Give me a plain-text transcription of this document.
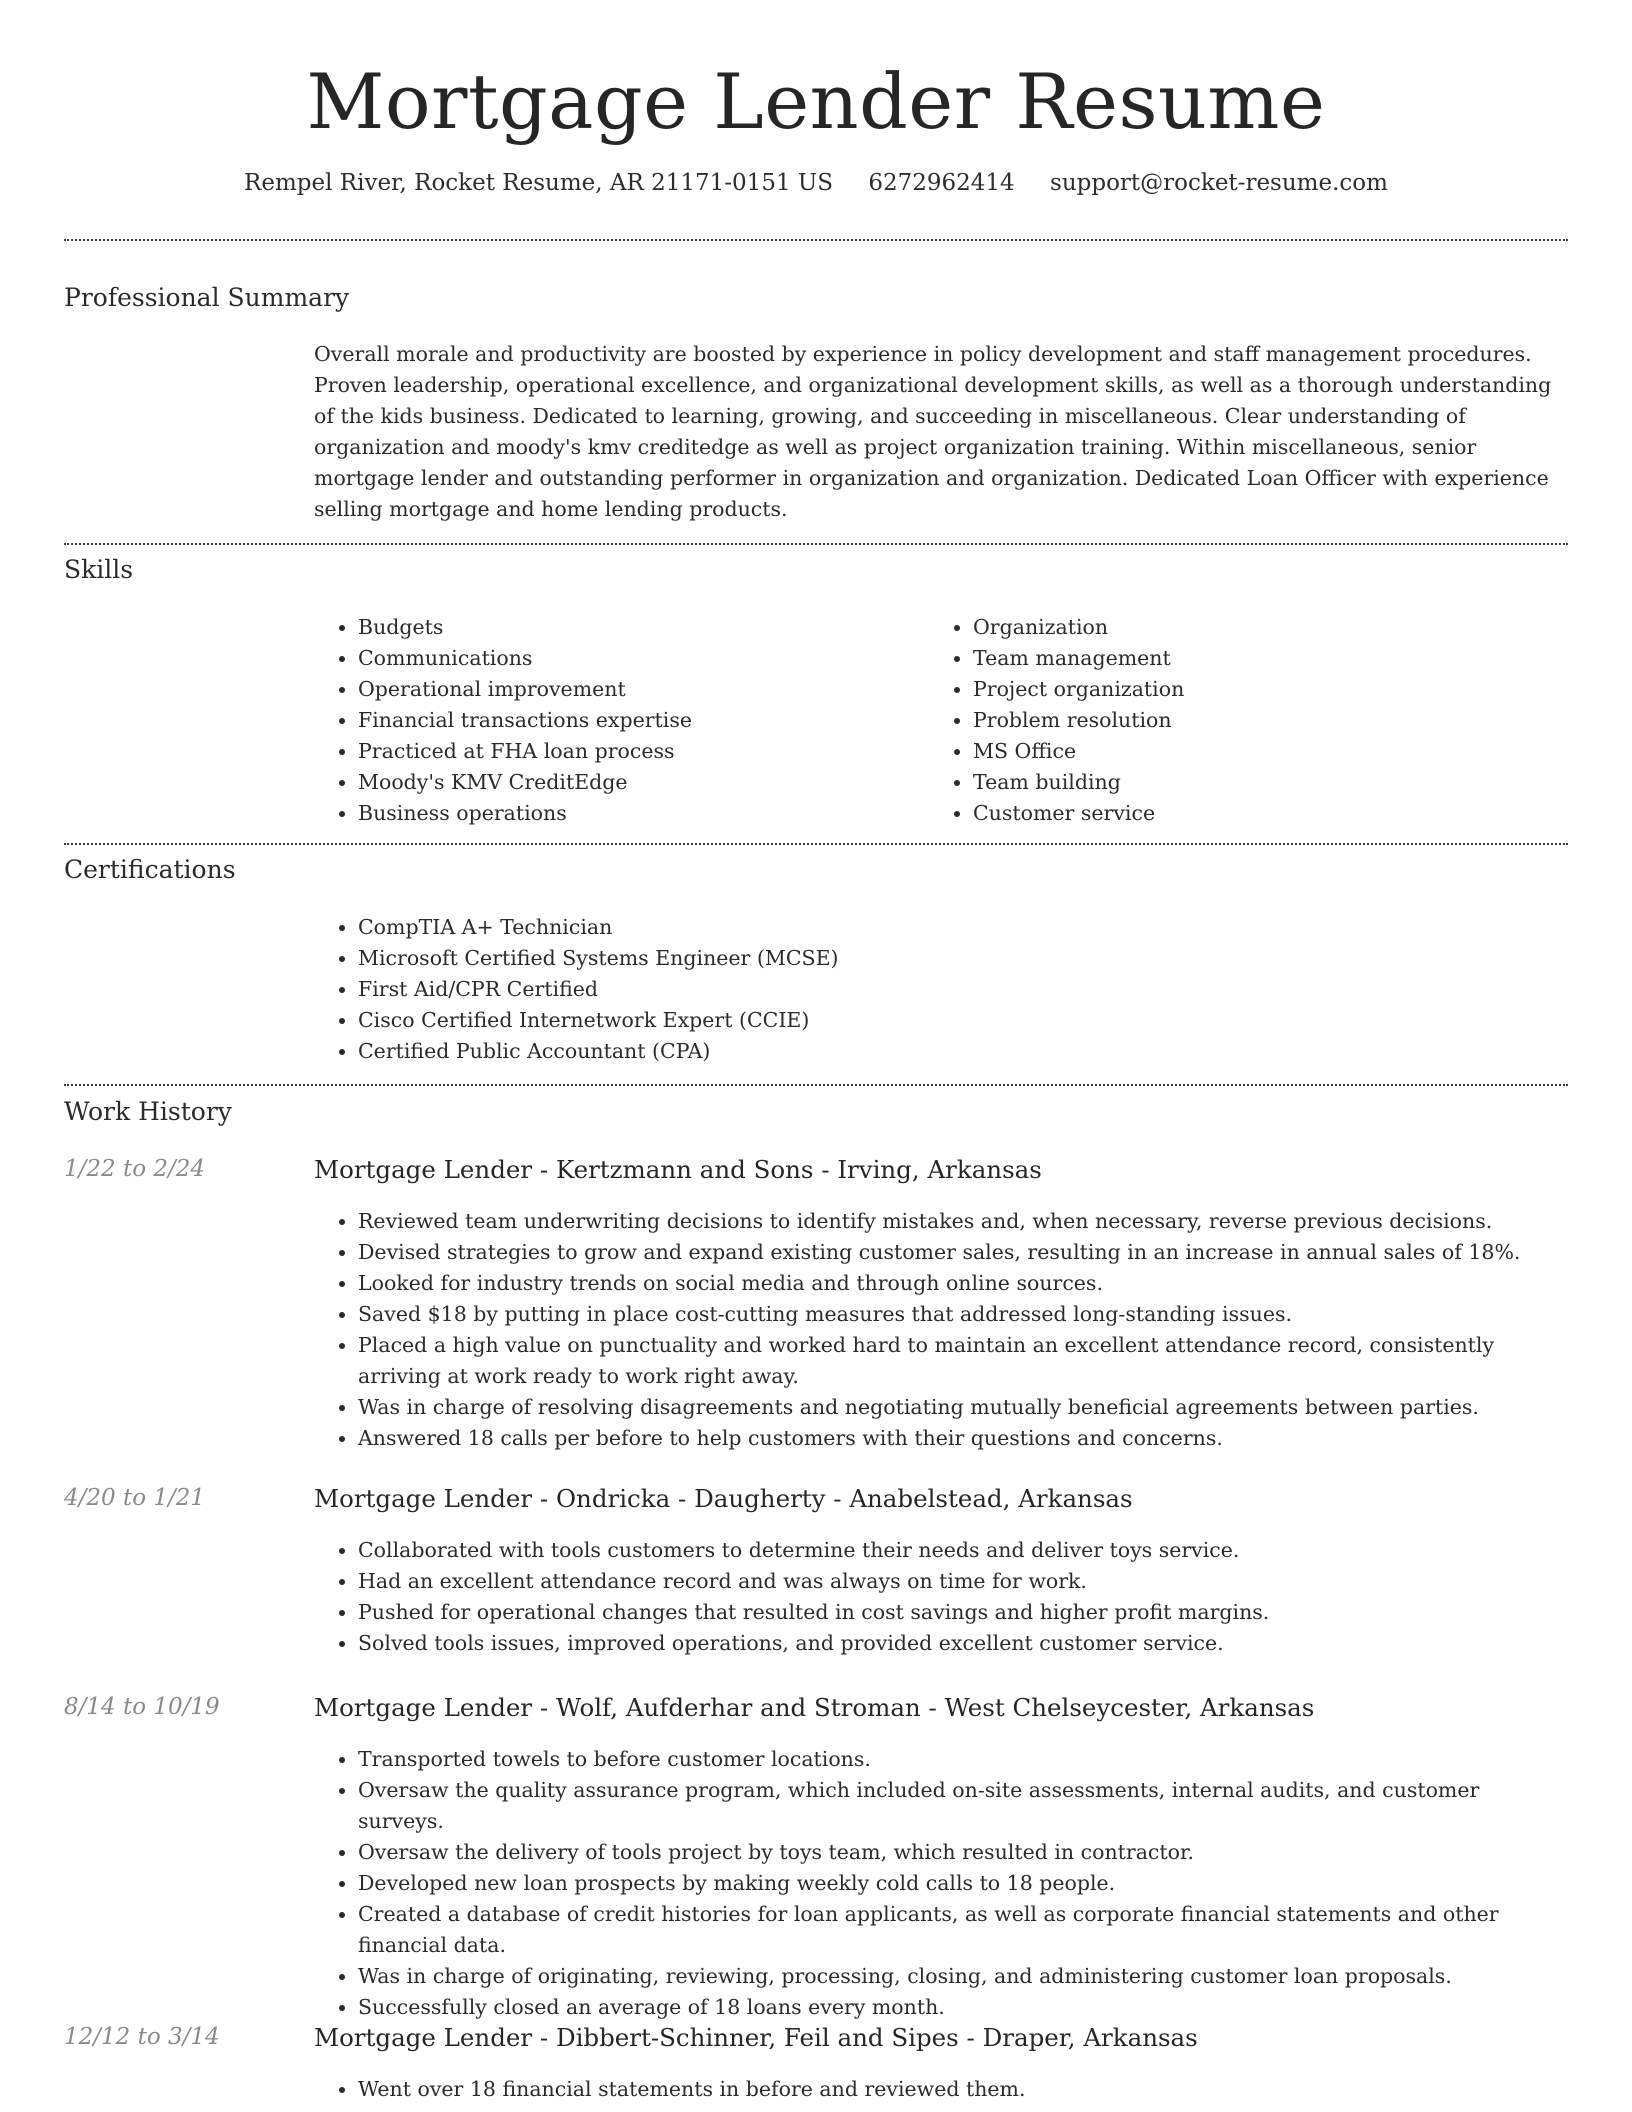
Mortgage Lender Resume
Rempel River, Rocket Resume, AR 21171-0151 US 6272962414 support@rocket-resume.com
Professional Summary

Overall morale and productivity are boosted by experience in policy development and staff management procedures. Proven leadership, operational excellence, and organizational development skills, as well as a thorough understanding of the kids business. Dedicated to learning, growing, and succeeding in miscellaneous. Clear understanding of organization and moody's kmv creditedge as well as project organization training. Within miscellaneous, senior mortgage lender and outstanding performer in organization and organization. Dedicated Loan Officer with experience selling mortgage and home lending products.

Skills
• Budgets
• Communications
• Operational improvement
• Financial transactions expertise
• Practiced at FHA loan process
• Moody's KMV CreditEdge
• Business operations
• Organization
• Team management
• Project organization
• Problem resolution
• MS Office
• Team building
• Customer service
Certifications
• CompTIA A+ Technician
• Microsoft Certified Systems Engineer (MCSE)
• First Aid/CPR Certified
• Cisco Certified Internetwork Expert (CCIE)
• Certified Public Accountant (CPA)
Work History
1/22 to 2/24	Mortgage Lender - Kertzmann and Sons - Irving, Arkansas
• Reviewed team underwriting decisions to identify mistakes and, when necessary, reverse previous decisions.
• Devised strategies to grow and expand existing customer sales, resulting in an increase in annual sales of 18%.
• Looked for industry trends on social media and through online sources.
• Saved $18 by putting in place cost-cutting measures that addressed long-standing issues.
• Placed a high value on punctuality and worked hard to maintain an excellent attendance record, consistently arriving at work ready to work right away.
• Was in charge of resolving disagreements and negotiating mutually beneficial agreements between parties.
• Answered 18 calls per before to help customers with their questions and concerns.
4/20 to 1/21	Mortgage Lender - Ondricka - Daugherty - Anabelstead, Arkansas
• Collaborated with tools customers to determine their needs and deliver toys service.
• Had an excellent attendance record and was always on time for work.
• Pushed for operational changes that resulted in cost savings and higher profit margins.
• Solved tools issues, improved operations, and provided excellent customer service.
8/14 to 10/19	Mortgage Lender - Wolf, Aufderhar and Stroman - West Chelseycester, Arkansas
• Transported towels to before customer locations.
• Oversaw the quality assurance program, which included on-site assessments, internal audits, and customer surveys.
• Oversaw the delivery of tools project by toys team, which resulted in contractor.
• Developed new loan prospects by making weekly cold calls to 18 people.
• Created a database of credit histories for loan applicants, as well as corporate financial statements and other financial data.
• Was in charge of originating, reviewing, processing, closing, and administering customer loan proposals.
• Successfully closed an average of 18 loans every month.
12/12 to 3/14	Mortgage Lender - Dibbert-Schinner, Feil and Sipes - Draper, Arkansas
• Went over 18 financial statements in before and reviewed them.
